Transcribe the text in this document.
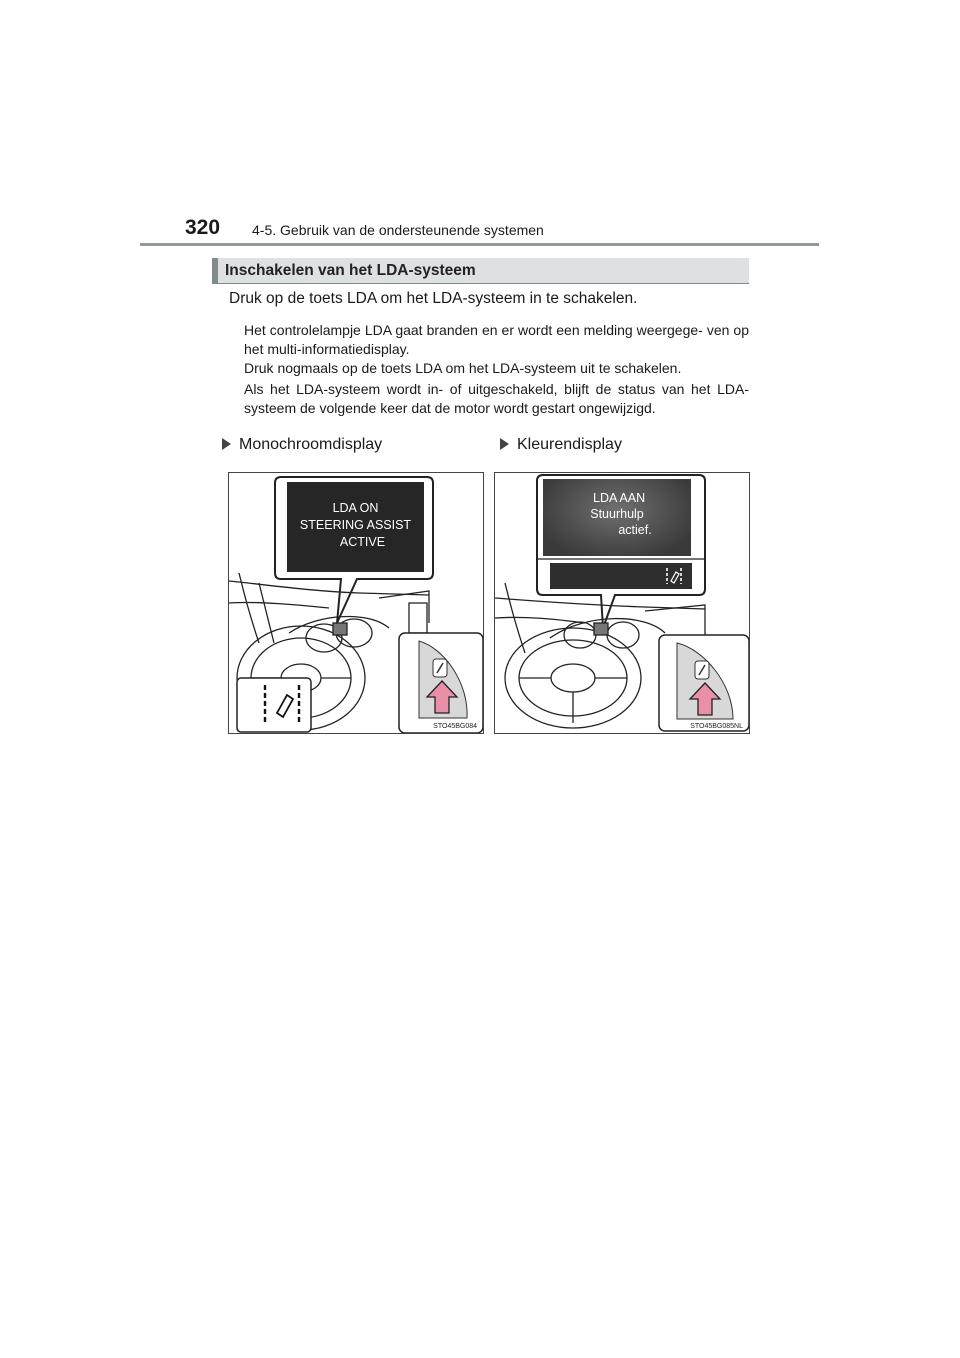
320 4-5. Gebruik van de ondersteunende systemen
Inschakelen van het LDA-systeem
Druk op de toets LDA om het LDA-systeem in te schakelen.
Het controlelampje LDA gaat branden en er wordt een melding weergege- ven op het multi-informatiedisplay.
Druk nogmaals op de toets LDA om het LDA-systeem uit te schakelen.
Als het LDA-systeem wordt in- of uitgeschakeld, blijft de status van het LDA-systeem de volgende keer dat de motor wordt gestart ongewijzigd.
Monochroomdisplay	Kleurendisplay
LDA ON
STEERING ASSIST
ACTIVE
STO45BG084
LDA AAN
Stuurhulp
actief.
STO45BG085NL
